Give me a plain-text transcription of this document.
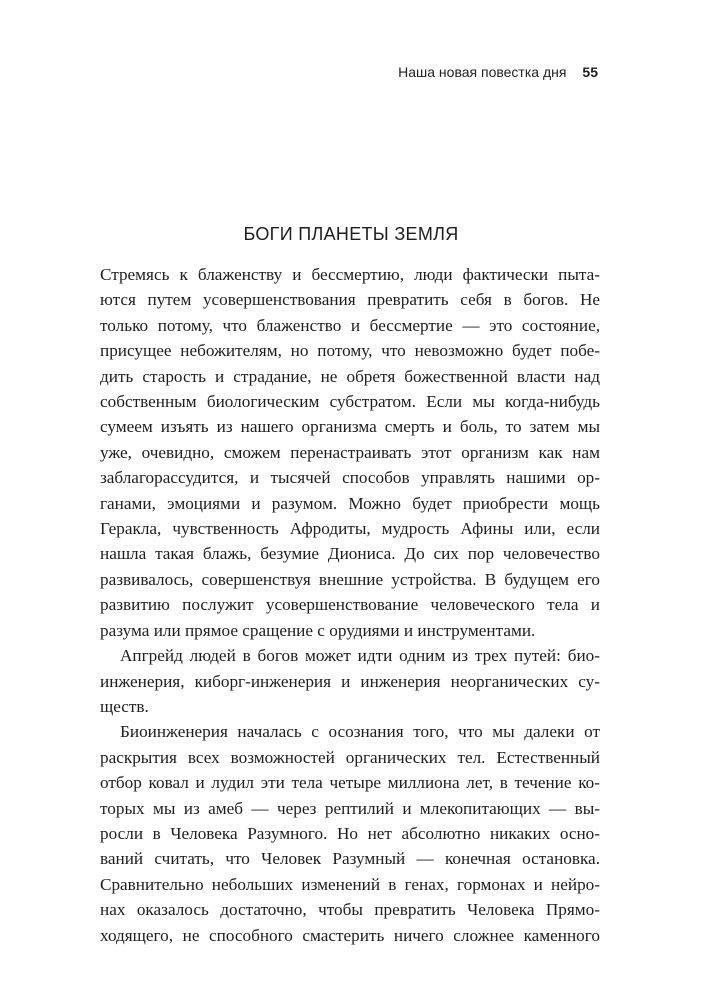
Наша новая повестка дня 55
БОГИ ПЛАНЕТЫ ЗЕМЛЯ

Стремясь к блаженству и бессмертию, люди фактически пыта-
ются путем усовершенствования превратить себя в богов. Не
только потому, что блаженство и бессмертие — это состояние,
присущее небожителям, но потому, что невозможно будет побе-
дить старость и страдание, не обретя божественной власти над
собственным биологическим субстратом. Если мы когда-нибудь
сумеем изъять из нашего организма смерть и боль, то затем мы
уже, очевидно, сможем перенастраивать этот организм как нам
заблагорассудится, и тысячей способов управлять нашими ор-
ганами, эмоциями и разумом. Можно будет приобрести мощь
Геракла, чувственность Афродиты, мудрость Афины или, если
нашла такая блажь, безумие Диониса. До сих пор человечество
развивалось, совершенствуя внешние устройства. В будущем его
развитию послужит усовершенствование человеческого тела и
разума или прямое сращение с орудиями и инструментами.

Апгрейд людей в богов может идти одним из трех путей: био-
инженерия, киборг-инженерия и инженерия неорганических су-
ществ.

Биоинженерия началась с осознания того, что мы далеки от
раскрытия всех возможностей органических тел. Естественный
отбор ковал и лудил эти тела четыре миллиона лет, в течение ко-
торых мы из амеб — через рептилий и млекопитающих — вы-
росли в Человека Разумного. Но нет абсолютно никаких осно-
ваний считать, что Человек Разумный — конечная остановка.
Сравнительно небольших изменений в генах, гормонах и нейро-
нах оказалось достаточно, чтобы превратить Человека Прямо-
ходящего, не способного смастерить ничего сложнее каменного
